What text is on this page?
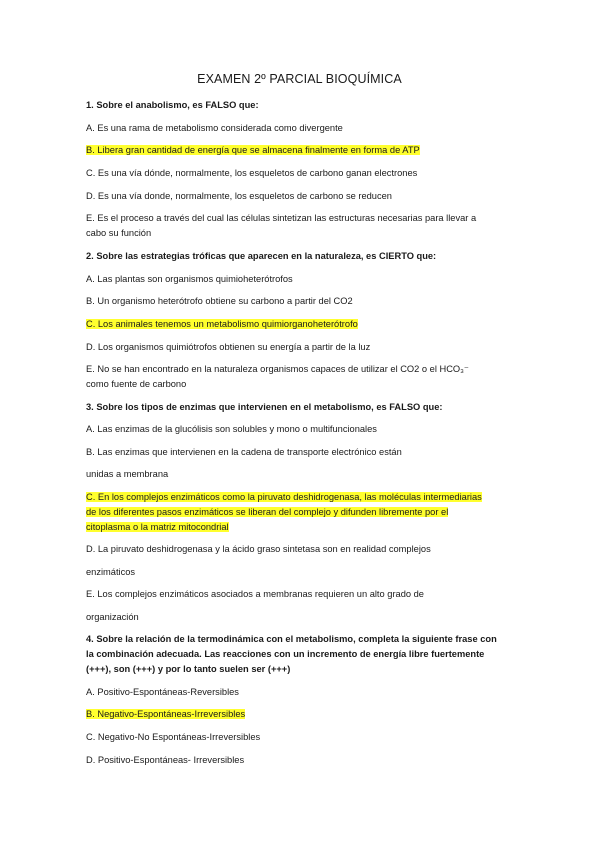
EXAMEN 2º PARCIAL BIOQUÍMICA
1. Sobre el anabolismo, es FALSO que:
A. Es una rama de metabolismo considerada como divergente
B. Libera gran cantidad de energía que se almacena finalmente en forma de ATP
C. Es una vía dónde, normalmente, los esqueletos de carbono ganan electrones
D. Es una vía donde, normalmente, los esqueletos de carbono se reducen
E. Es el proceso a través del cual las células sintetizan las estructuras necesarias para llevar a
cabo su función
2. Sobre las estrategias tróficas que aparecen en la naturaleza, es CIERTO que:
A. Las plantas son organismos quimioheterótrofos
B. Un organismo heterótrofo obtiene su carbono a partir del CO2
C. Los animales tenemos un metabolismo quimiorganoheterótrofo
D. Los organismos quimiótrofos obtienen su energía a partir de la luz
E. No se han encontrado en la naturaleza organismos capaces de utilizar el CO2 o el HCO₃⁻
como fuente de carbono
3. Sobre los tipos de enzimas que intervienen en el metabolismo, es FALSO que:
A. Las enzimas de la glucólisis son solubles y mono o multifuncionales
B. Las enzimas que intervienen en la cadena de transporte electrónico están
unidas a membrana
C. En los complejos enzimáticos como la piruvato deshidrogenasa, las moléculas intermediarias
de los diferentes pasos enzimáticos se liberan del complejo y difunden libremente por el
citoplasma o la matriz mitocondrial
D. La piruvato deshidrogenasa y la ácido graso sintetasa son en realidad complejos
enzimáticos
E. Los complejos enzimáticos asociados a membranas requieren un alto grado de
organización
4. Sobre la relación de la termodinámica con el metabolismo, completa la siguiente frase con
la combinación adecuada. Las reacciones con un incremento de energía libre fuertemente
(+++), son (+++) y por lo tanto suelen ser (+++)
A. Positivo-Espontáneas-Reversibles
B. Negativo-Espontáneas-Irreversibles
C. Negativo-No Espontáneas-Irreversibles
D. Positivo-Espontáneas- Irreversibles
